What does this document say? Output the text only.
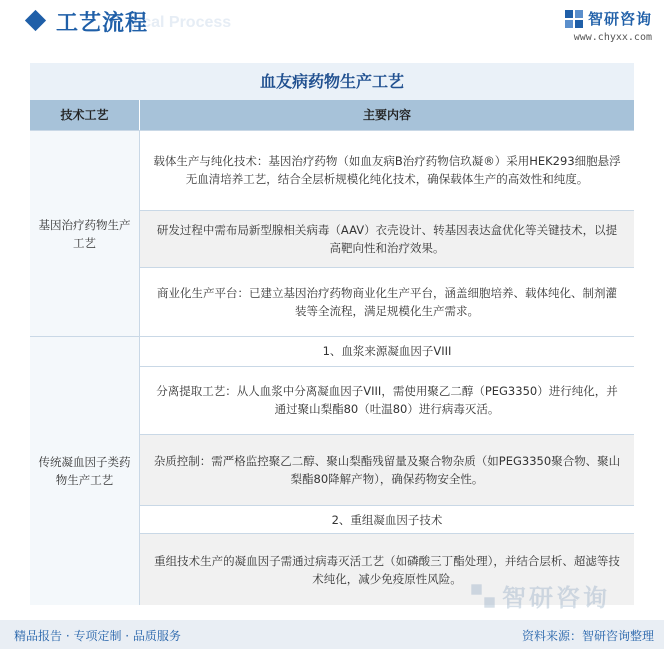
gical Process
工艺流程	智研咨询
www.chyxx.com
血友病药物生产工艺
技术工艺	主要内容
基因治疗药物生产工艺
载体生产与纯化技术：基因治疗药物（如血友病B治疗药物信玖凝®）采用HEK293细胞悬浮无血清培养工艺，结合全层析规模化纯化技术，确保载体生产的高效性和纯度。
研发过程中需布局新型腺相关病毒（AAV）衣壳设计、转基因表达盒优化等关键技术，以提高靶向性和治疗效果。
商业化生产平台：已建立基因治疗药物商业化生产平台，涵盖细胞培养、载体纯化、制剂灌装等全流程，满足规模化生产需求。
传统凝血因子类药物生产工艺
1、血浆来源凝血因子VIII
分离提取工艺：从人血浆中分离凝血因子VIII，需使用聚乙二醇（PEG3350）进行纯化，并通过聚山梨酯80（吐温80）进行病毒灭活。
杂质控制：需严格监控聚乙二醇、聚山梨酯残留量及聚合物杂质（如PEG3350聚合物、聚山梨酯80降解产物），确保药物安全性。
2、重组凝血因子技术
重组技术生产的凝血因子需通过病毒灭活工艺（如磷酸三丁酯处理），并结合层析、超滤等技术纯化，减少免疫原性风险。
智研咨询
精品报告 · 专项定制 · 品质服务	资料来源：智研咨询整理
